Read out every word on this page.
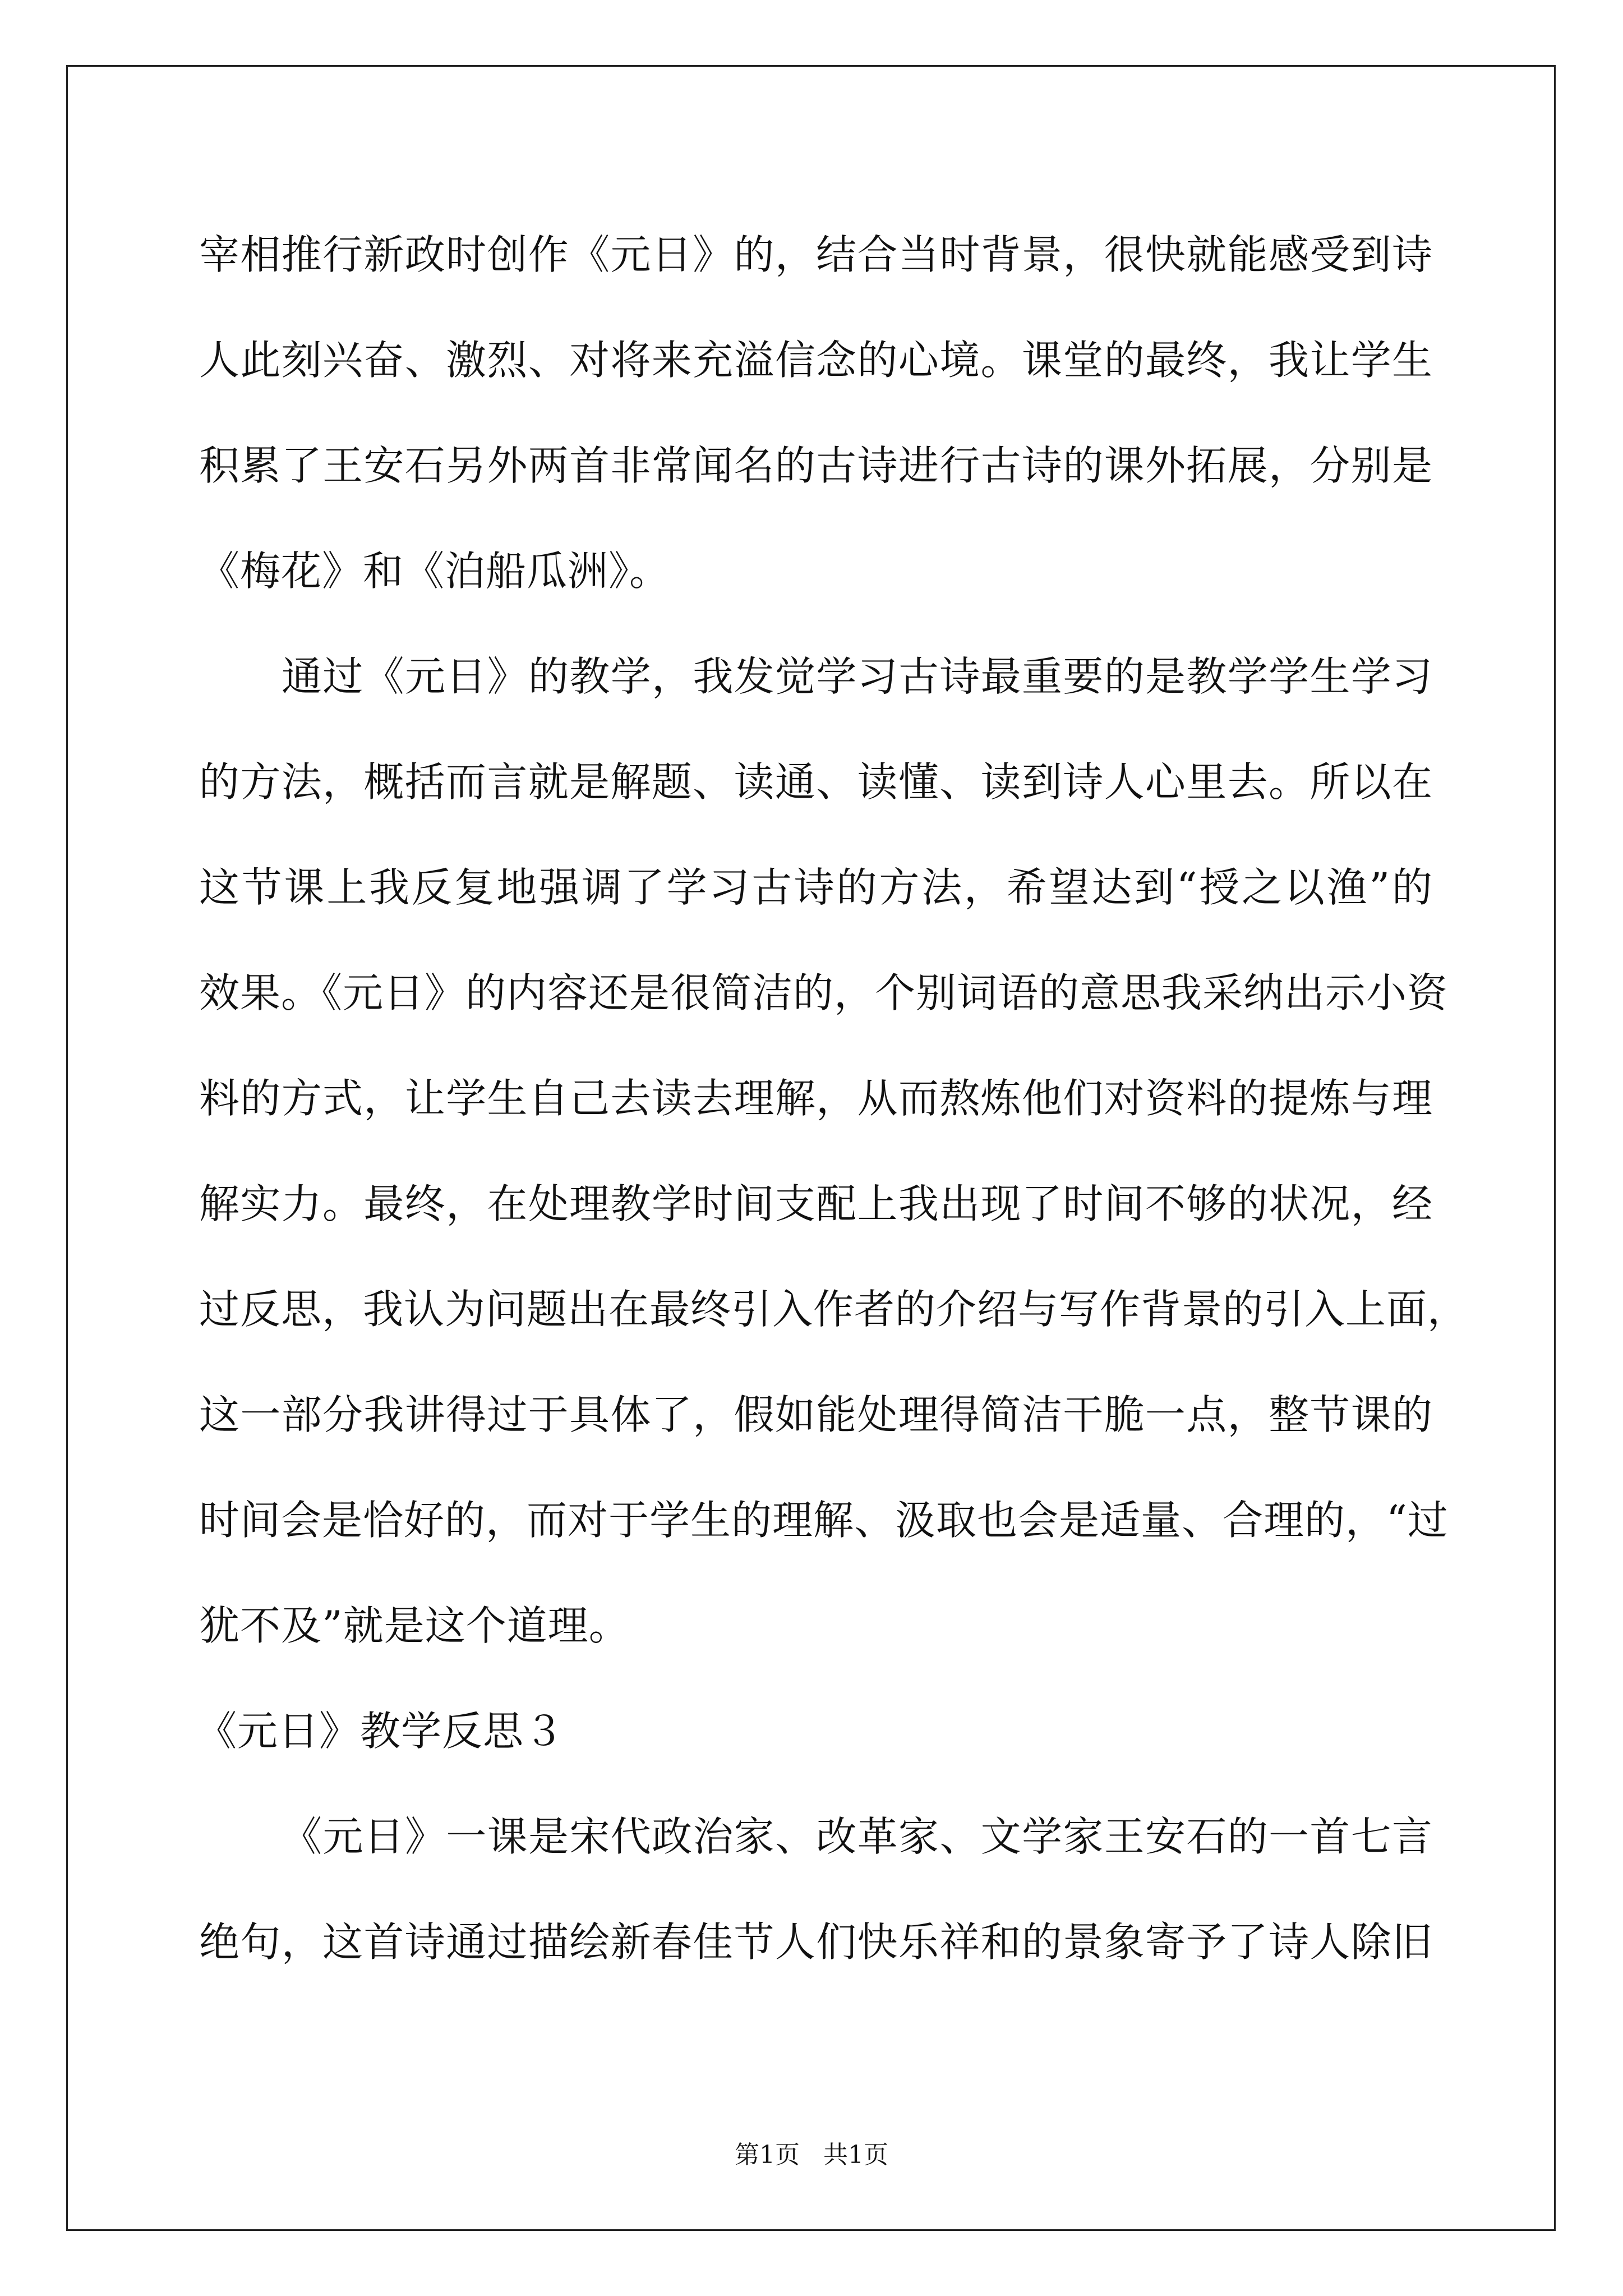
宰相推行新政时创作《元日》的，结合当时背景，很快就能感受到诗
人此刻兴奋、激烈、对将来充溢信念的心境。课堂的最终，我让学生
积累了王安石另外两首非常闻名的古诗进行古诗的课外拓展，分别是
《梅花》和《泊船瓜洲》。
通过《元日》的教学，我发觉学习古诗最重要的是教学学生学习
的方法，概括而言就是解题、读通、读懂、读到诗人心里去。所以在
这节课上我反复地强调了学习古诗的方法，希望达到“授之以渔”的
效果。《元日》的内容还是很简洁的，个别词语的意思我采纳出示小资
料的方式，让学生自己去读去理解，从而熬炼他们对资料的提炼与理
解实力。最终，在处理教学时间支配上我出现了时间不够的状况，经
过反思，我认为问题出在最终引入作者的介绍与写作背景的引入上面，
这一部分我讲得过于具体了，假如能处理得简洁干脆一点，整节课的
时间会是恰好的，而对于学生的理解、汲取也会是适量、合理的，“过
犹不及”就是这个道理。
《元日》教学反思３
《元日》一课是宋代政治家、改革家、文学家王安石的一首七言
绝句，这首诗通过描绘新春佳节人们快乐祥和的景象寄予了诗人除旧
第1页 共1页
